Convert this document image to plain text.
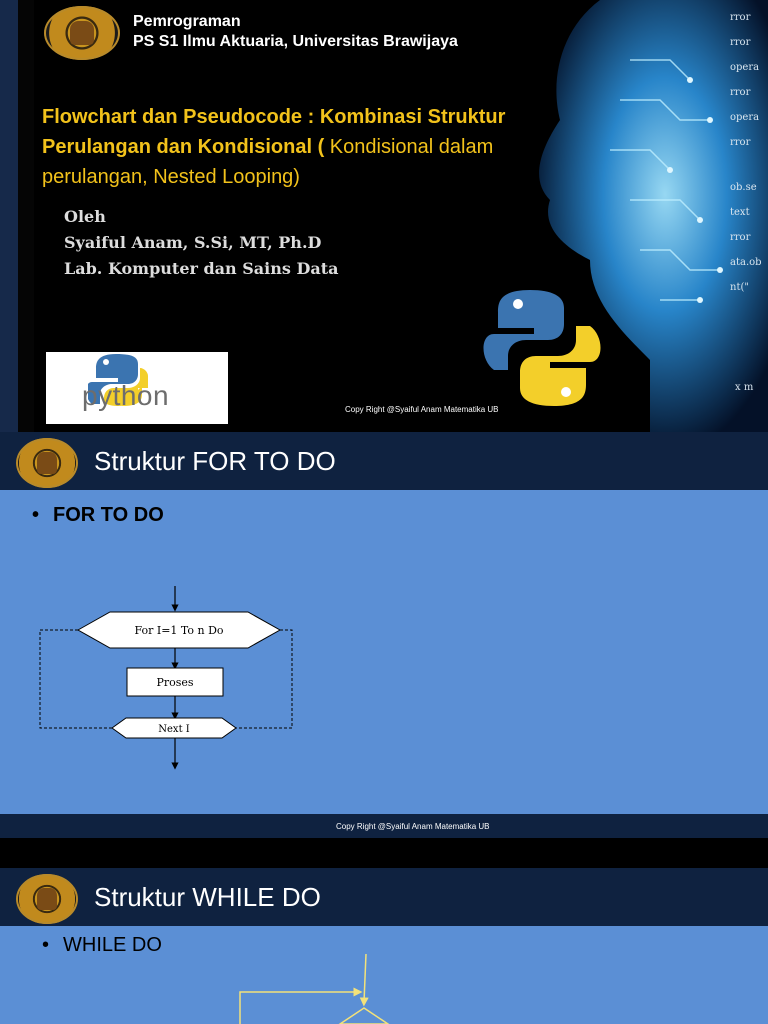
rror
rror
opera
rror
opera
rror
ob.se
text
rror
ata.ob
nt("
x m
Pemrograman
PS S1 Ilmu Aktuaria, Universitas Brawijaya
Flowchart dan Pseudocode : Kombinasi Struktur Perulangan dan Kondisional ( Kondisional dalam perulangan, Nested Looping)
Oleh
Syaiful Anam, S.Si, MT, Ph.D
Lab. Komputer dan Sains Data
python	Copy Right @Syaiful Anam Matematika UB
Struktur FOR TO DO
• FOR TO DO
For I=1 To n Do
Proses
Next I
Copy Right @Syaiful Anam Matematika UB
Struktur WHILE DO
• WHILE DO
